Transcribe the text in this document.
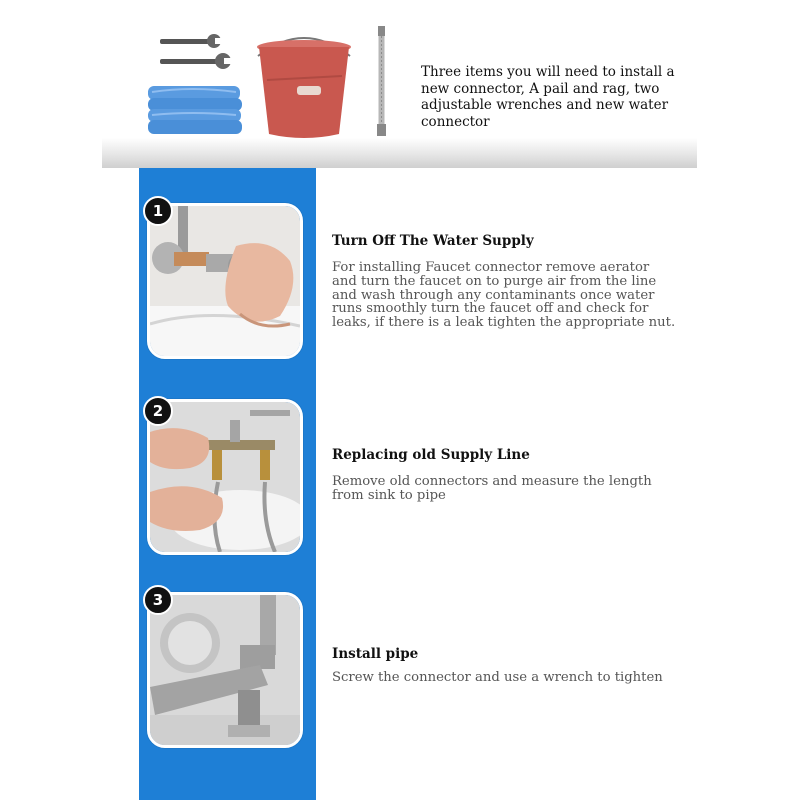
Three items you will need to install a new connector, A pail and rag, two adjustable wrenches and new water connector
1
Turn Off The Water Supply
For installing Faucet connector remove aerator and turn the faucet on to purge air from the line and wash through any contaminants once water runs smoothly turn the faucet off and check for leaks, if there is a leak tighten the appropriate nut.
2
Replacing old Supply Line
Remove old connectors and measure the length from sink to pipe
3
Install pipe
Screw the connector and use a wrench to tighten
